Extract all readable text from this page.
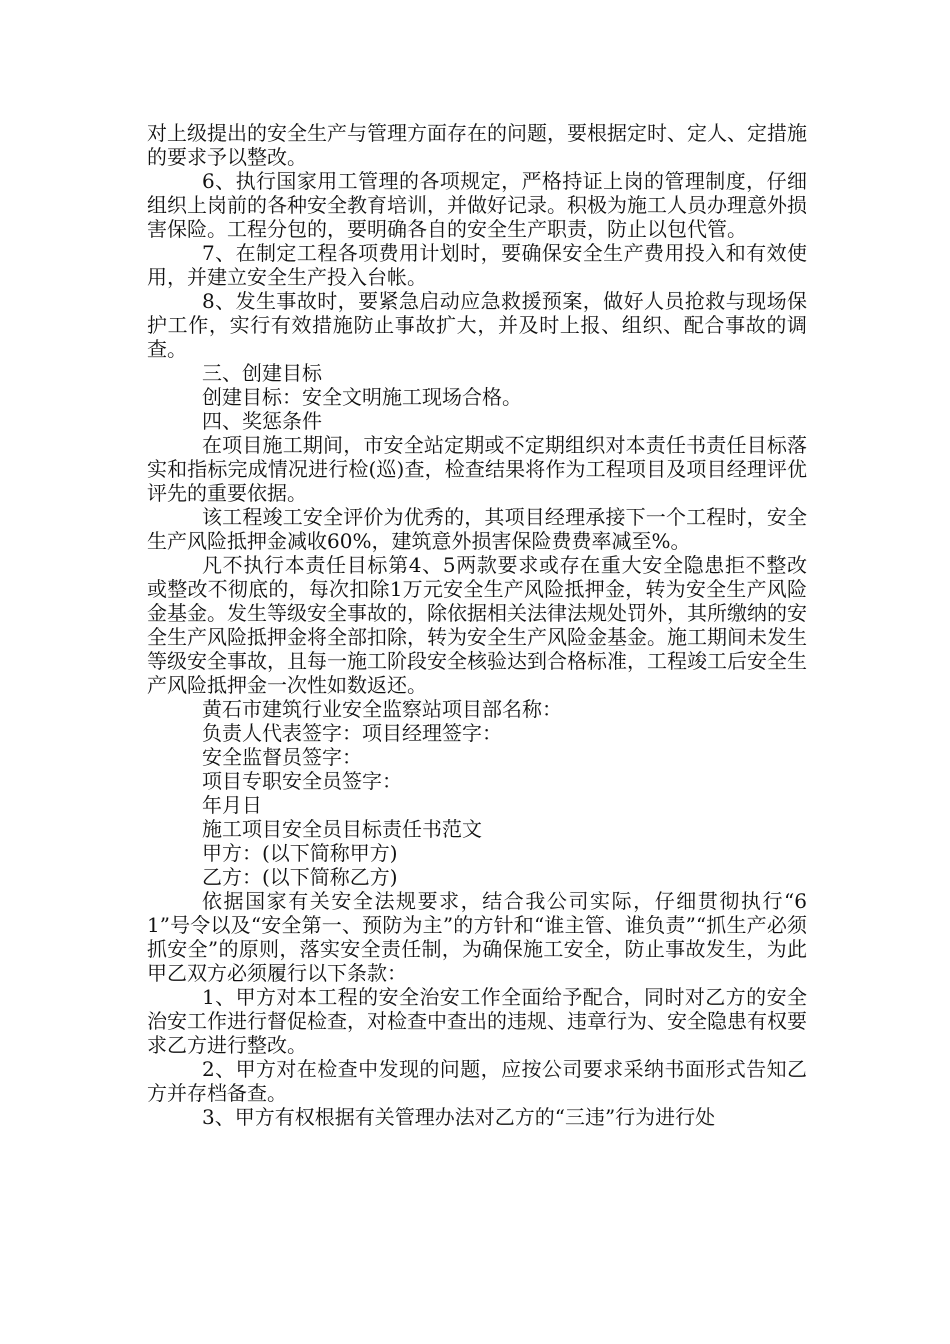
对上级提出的安全生产与管理方面存在的问题，要根据定时、定人、定措施的要求予以整改。

6、执行国家用工管理的各项规定，严格持证上岗的管理制度，仔细组织上岗前的各种安全教育培训，并做好记录。积极为施工人员办理意外损害保险。工程分包的，要明确各自的安全生产职责，防止以包代管。

7、在制定工程各项费用计划时，要确保安全生产费用投入和有效使用，并建立安全生产投入台帐。

8、发生事故时，要紧急启动应急救援预案，做好人员抢救与现场保护工作，实行有效措施防止事故扩大，并及时上报、组织、配合事故的调查。

三、创建目标

创建目标：安全文明施工现场合格。

四、奖惩条件

在项目施工期间，市安全站定期或不定期组织对本责任书责任目标落实和指标完成情况进行检(巡)查，检查结果将作为工程项目及项目经理评优评先的重要依据。

该工程竣工安全评价为优秀的，其项目经理承接下一个工程时，安全生产风险抵押金减收60%，建筑意外损害保险费费率减至%。

凡不执行本责任目标第4、5两款要求或存在重大安全隐患拒不整改或整改不彻底的，每次扣除1万元安全生产风险抵押金，转为安全生产风险金基金。发生等级安全事故的，除依据相关法律法规处罚外，其所缴纳的安全生产风险抵押金将全部扣除，转为安全生产风险金基金。施工期间未发生等级安全事故，且每一施工阶段安全核验达到合格标准，工程竣工后安全生产风险抵押金一次性如数返还。

黄石市建筑行业安全监察站项目部名称：

负责人代表签字：项目经理签字：

安全监督员签字：

项目专职安全员签字：

年月日

施工项目安全员目标责任书范文

甲方：(以下简称甲方)

乙方：(以下简称乙方)

依据国家有关安全法规要求，结合我公司实际，仔细贯彻执行“61”号令以及“安全第一、预防为主”的方针和“谁主管、谁负责”“抓生产必须抓安全”的原则，落实安全责任制，为确保施工安全，防止事故发生，为此甲乙双方必须履行以下条款：

1、甲方对本工程的安全治安工作全面给予配合，同时对乙方的安全治安工作进行督促检查，对检查中查出的违规、违章行为、安全隐患有权要求乙方进行整改。

2、甲方对在检查中发现的问题，应按公司要求采纳书面形式告知乙方并存档备查。

3、甲方有权根据有关管理办法对乙方的“三违”行为进行处
